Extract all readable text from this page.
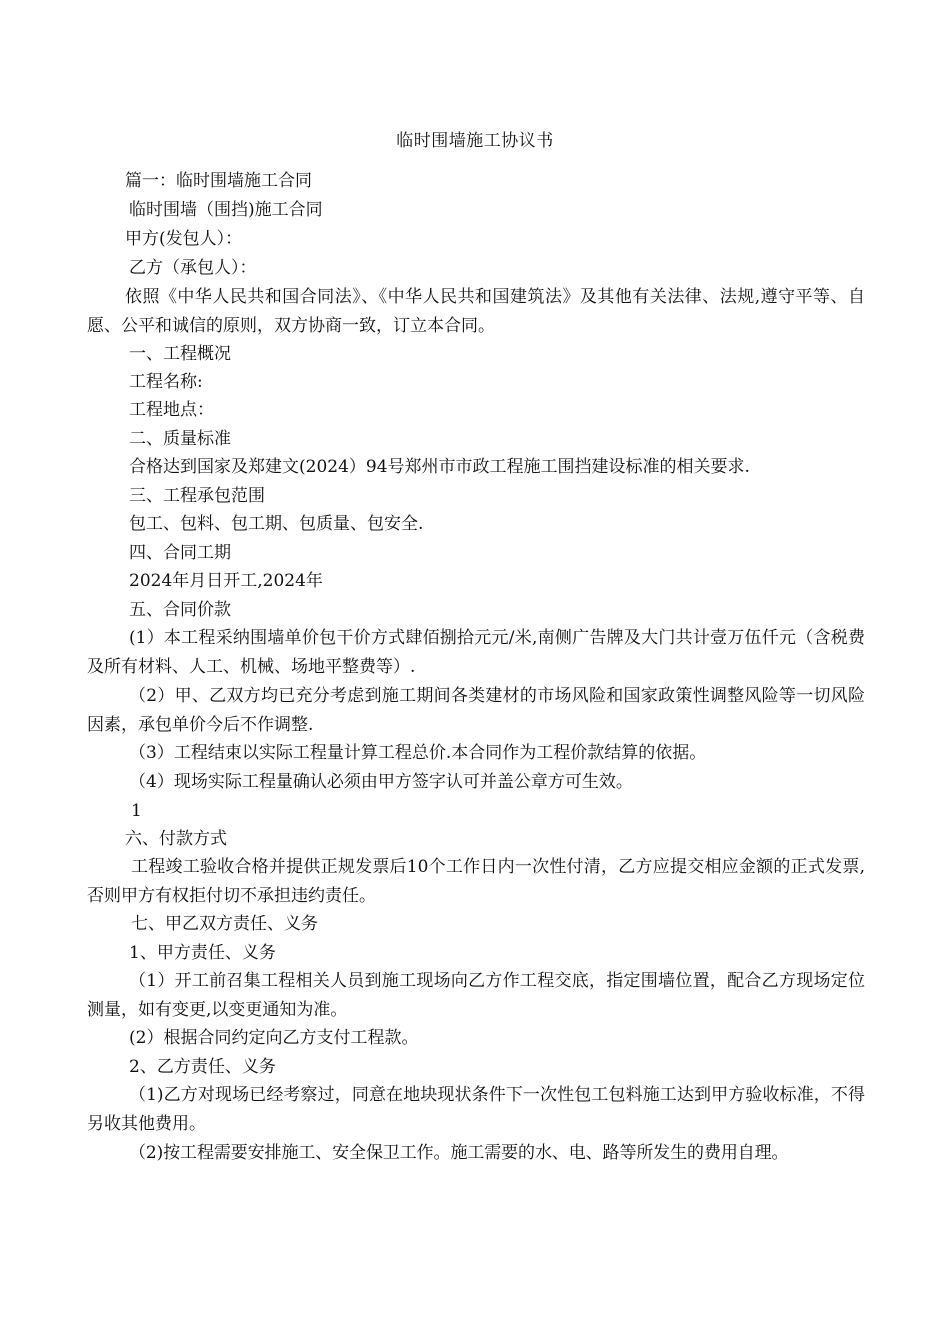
临时围墙施工协议书
篇一：临时围墙施工合同
临时围墙（围挡)施工合同
甲方(发包人）：
乙方（承包人）：
依照《中华人民共和国合同法》、《中华人民共和国建筑法》及其他有关法律、法规,遵守平等、自愿、公平和诚信的原则，双方协商一致，订立本合同。
一、工程概况
工程名称:
工程地点：
二、质量标准
合格达到国家及郑建文(2024）94号郑州市市政工程施工围挡建设标准的相关要求.
三、工程承包范围
包工、包料、包工期、包质量、包安全.
四、合同工期
2024年月日开工,2024年
五、合同价款
(1）本工程采纳围墙单价包干价方式肆佰捌拾元元/米,南侧广告牌及大门共计壹万伍仟元（含税费及所有材料、人工、机械、场地平整费等）.
（2）甲、乙双方均已充分考虑到施工期间各类建材的市场风险和国家政策性调整风险等一切风险因素，承包单价今后不作调整.
（3）工程结束以实际工程量计算工程总价.本合同作为工程价款结算的依据。
（4）现场实际工程量确认必须由甲方签字认可并盖公章方可生效。
1
六、付款方式
工程竣工验收合格并提供正规发票后10个工作日内一次性付清，乙方应提交相应金额的正式发票,否则甲方有权拒付切不承担违约责任。
七、甲乙双方责任、义务
1、甲方责任、义务
（1）开工前召集工程相关人员到施工现场向乙方作工程交底，指定围墙位置，配合乙方现场定位测量，如有变更,以变更通知为准。
(2）根据合同约定向乙方支付工程款。
2、乙方责任、义务
（1)乙方对现场已经考察过，同意在地块现状条件下一次性包工包料施工达到甲方验收标准，不得另收其他费用。
（2)按工程需要安排施工、安全保卫工作。施工需要的水、电、路等所发生的费用自理。
